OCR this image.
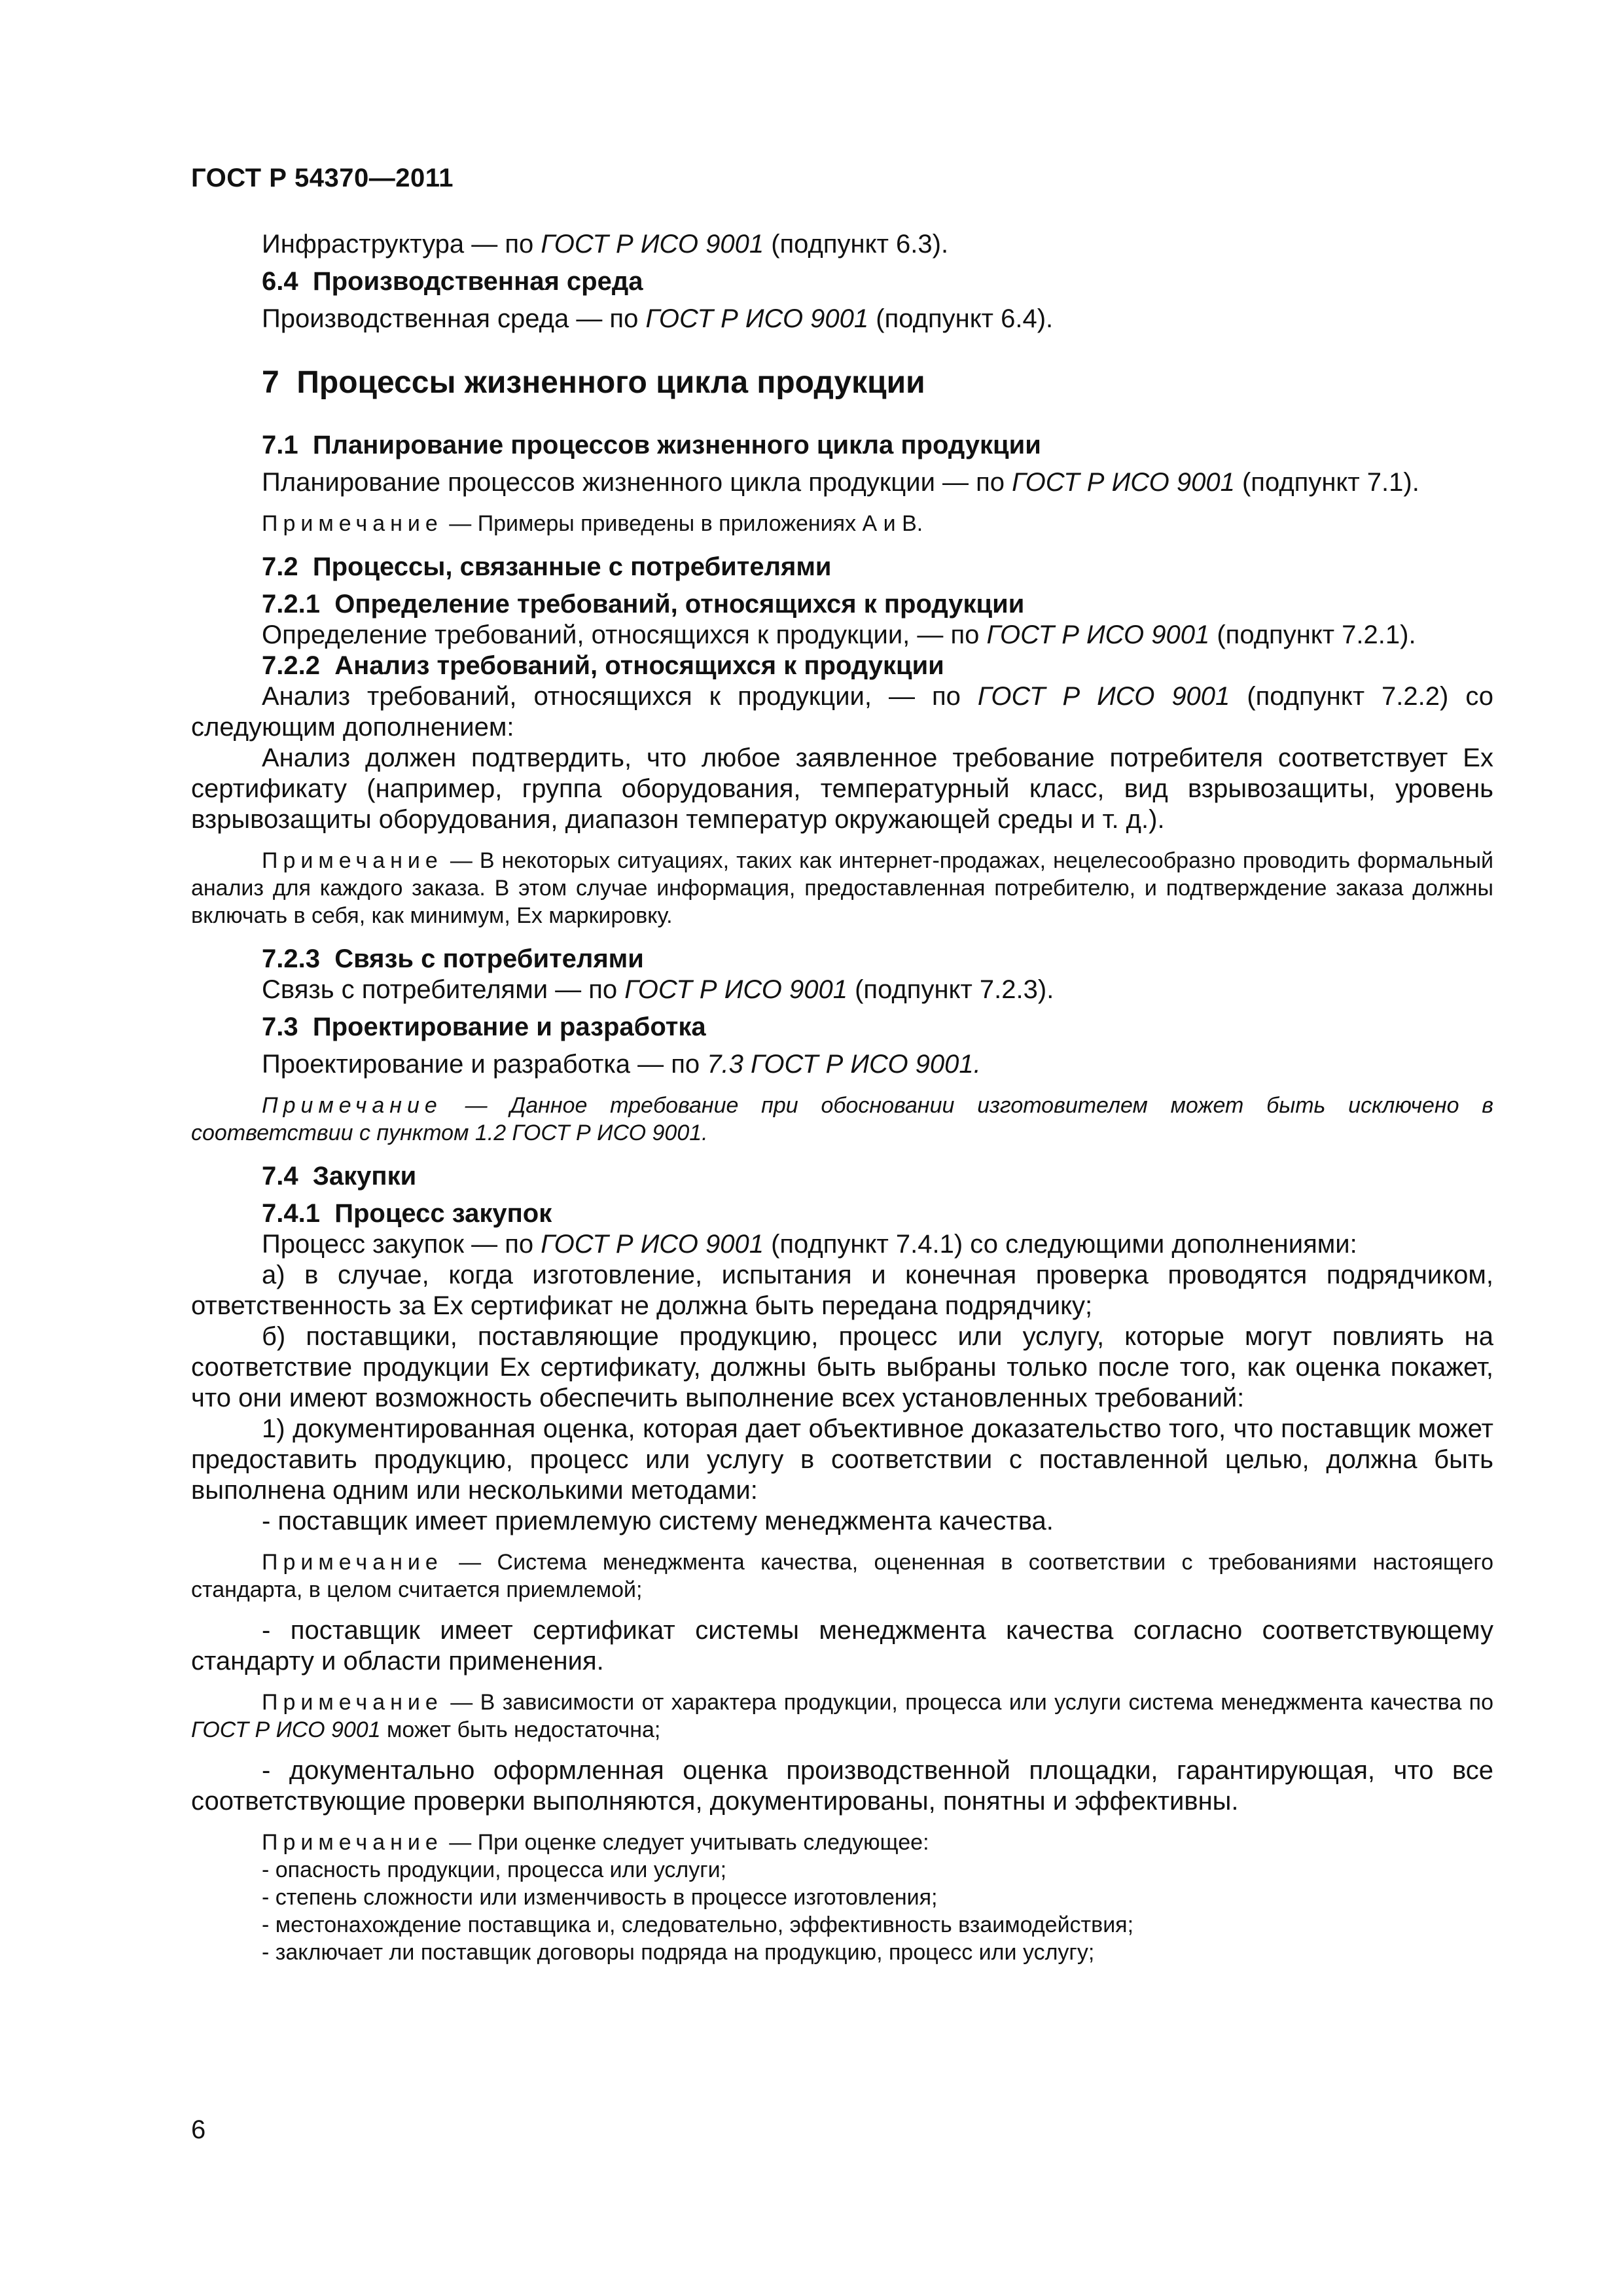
ГОСТ Р 54370—2011

Инфраструктура — по ГОСТ Р ИСО 9001 (подпункт 6.3).

6.4 Производственная среда

Производственная среда — по ГОСТ Р ИСО 9001 (подпункт 6.4).

7 Процессы жизненного цикла продукции

7.1 Планирование процессов жизненного цикла продукции

Планирование процессов жизненного цикла продукции — по ГОСТ Р ИСО 9001 (подпункт 7.1).

Примечание — Примеры приведены в приложениях А и В.

7.2 Процессы, связанные с потребителями

7.2.1 Определение требований, относящихся к продукции

Определение требований, относящихся к продукции, — по ГОСТ Р ИСО 9001 (подпункт 7.2.1).

7.2.2 Анализ требований, относящихся к продукции

Анализ требований, относящихся к продукции, — по ГОСТ Р ИСО 9001 (подпункт 7.2.2) со следующим дополнением:

Анализ должен подтвердить, что любое заявленное требование потребителя соответствует Ex сертификату (например, группа оборудования, температурный класс, вид взрывозащиты, уровень взрывозащиты оборудования, диапазон температур окружающей среды и т. д.).

Примечание — В некоторых ситуациях, таких как интернет-продажах, нецелесообразно проводить формальный анализ для каждого заказа. В этом случае информация, предоставленная потребителю, и подтверждение заказа должны включать в себя, как минимум, Ex маркировку.

7.2.3 Связь с потребителями

Связь с потребителями — по ГОСТ Р ИСО 9001 (подпункт 7.2.3).

7.3 Проектирование и разработка

Проектирование и разработка — по 7.3 ГОСТ Р ИСО 9001.

Примечание — Данное требование при обосновании изготовителем может быть исключено в соответствии с пунктом 1.2 ГОСТ Р ИСО 9001.

7.4 Закупки

7.4.1 Процесс закупок

Процесс закупок — по ГОСТ Р ИСО 9001 (подпункт 7.4.1) со следующими дополнениями:

а) в случае, когда изготовление, испытания и конечная проверка проводятся подрядчиком, ответственность за Ex сертификат не должна быть передана подрядчику;

б) поставщики, поставляющие продукцию, процесс или услугу, которые могут повлиять на соответствие продукции Ex сертификату, должны быть выбраны только после того, как оценка покажет, что они имеют возможность обеспечить выполнение всех установленных требований:

1) документированная оценка, которая дает объективное доказательство того, что поставщик может предоставить продукцию, процесс или услугу в соответствии с поставленной целью, должна быть выполнена одним или несколькими методами:

- поставщик имеет приемлемую систему менеджмента качества.

Примечание — Система менеджмента качества, оцененная в соответствии с требованиями настоящего стандарта, в целом считается приемлемой;

- поставщик имеет сертификат системы менеджмента качества согласно соответствующему стандарту и области применения.

Примечание — В зависимости от характера продукции, процесса или услуги система менеджмента качества по ГОСТ Р ИСО 9001 может быть недостаточна;

- документально оформленная оценка производственной площадки, гарантирующая, что все соответствующие проверки выполняются, документированы, понятны и эффективны.

Примечание — При оценке следует учитывать следующее:

- опасность продукции, процесса или услуги;

- степень сложности или изменчивость в процессе изготовления;

- местонахождение поставщика и, следовательно, эффективность взаимодействия;

- заключает ли поставщик договоры подряда на продукцию, процесс или услугу;

6
